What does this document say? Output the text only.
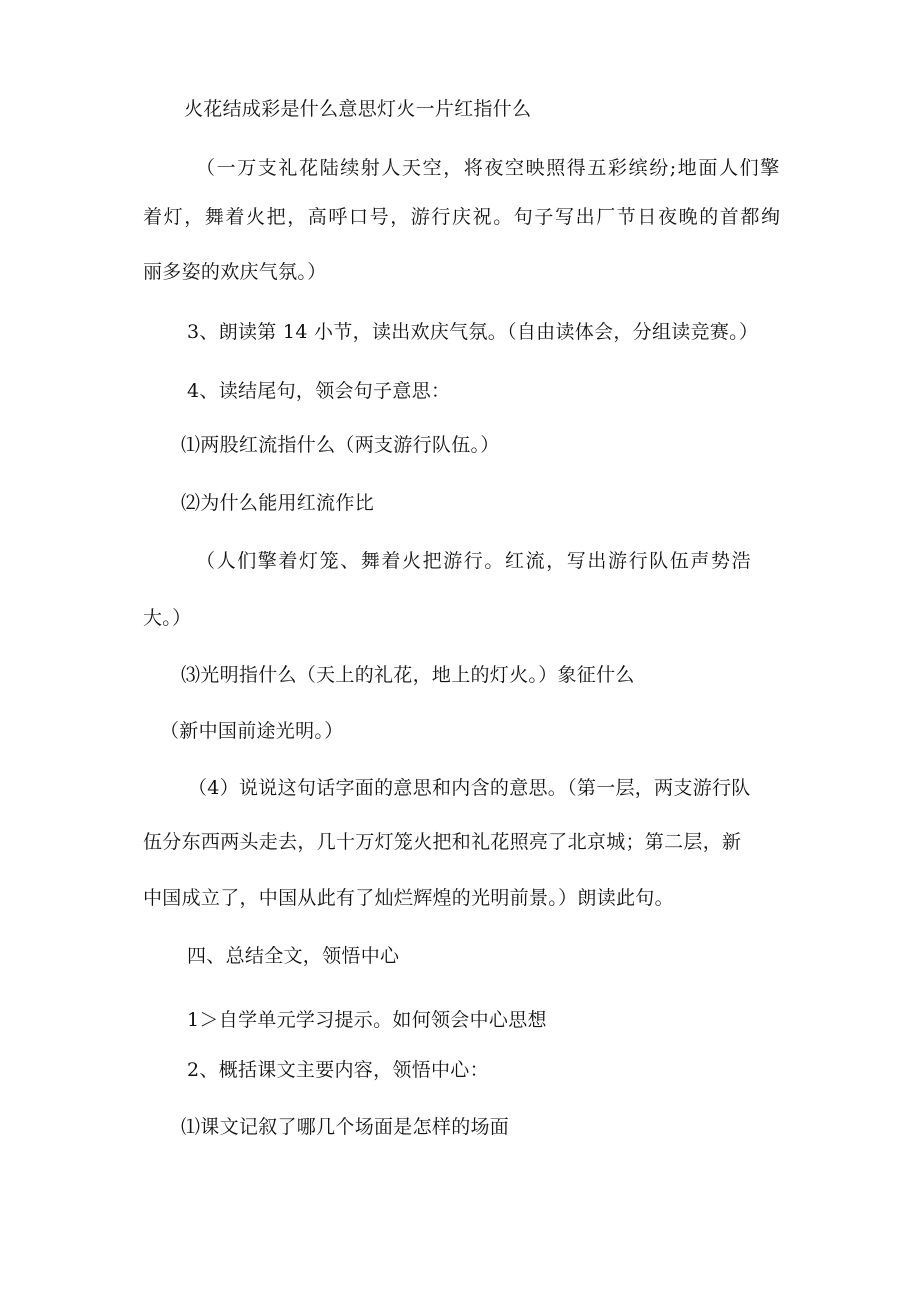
火花结成彩是什么意思灯火一片红指什么
（一万支礼花陆续射人天空，将夜空映照得五彩缤纷;地面人们擎
着灯，舞着火把，高呼口号，游行庆祝。句子写出厂节日夜晚的首都绚
丽多姿的欢庆气氛。）
3、朗读第 14 小节，读出欢庆气氛。（自由读体会，分组读竞赛。）
4、读结尾句，领会句子意思：
⑴两股红流指什么（两支游行队伍。）
⑵为什么能用红流作比
（人们擎着灯笼、舞着火把游行。红流，写出游行队伍声势浩
大。）
⑶光明指什么（天上的礼花，地上的灯火。）象征什么
（新中国前途光明。）
（4）说说这句话字面的意思和内含的意思。（第一层，两支游行队
伍分东西两头走去，几十万灯笼火把和礼花照亮了北京城；第二层，新
中国成立了，中国从此有了灿烂辉煌的光明前景。）朗读此句。
四、总结全文，领悟中心
1＞自学单元学习提示。如何领会中心思想
2、概括课文主要内容，领悟中心：
⑴课文记叙了哪几个场面是怎样的场面
